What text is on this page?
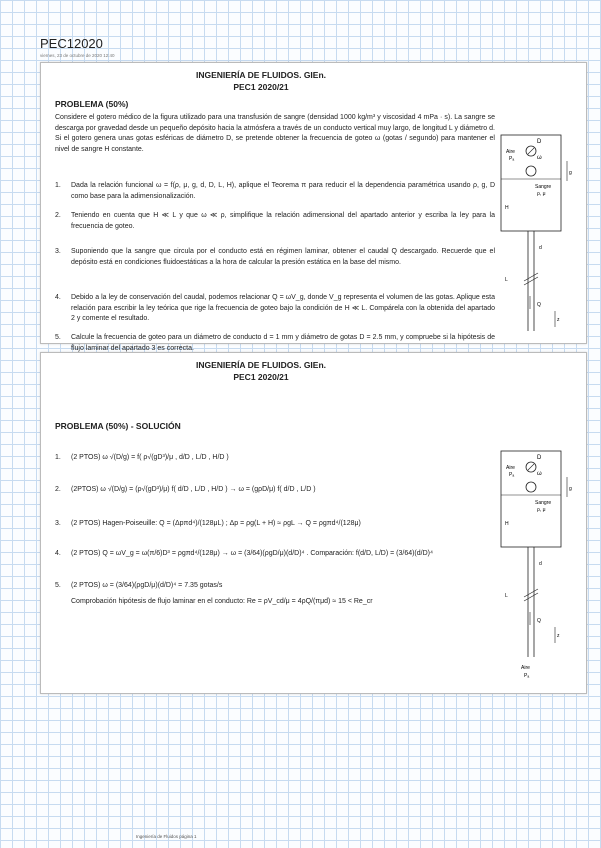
PEC12020
viernes, 23 de octubre de 2020 12:40
INGENIERÍA DE FLUIDOS. GIEn.
PEC1 2020/21
PROBLEMA (50%)
Considere el gotero médico de la figura utilizado para una transfusión de sangre (densidad 1000 kg/m³ y viscosidad 4 mPa · s). La sangre se descarga por gravedad desde un pequeño depósito hacia la atmósfera a través de un conducto vertical muy largo, de longitud L y diámetro d. Si el gotero genera unas gotas esféricas de diámetro D, se pretende obtener la frecuencia de goteo ω (gotas / segundo) para mantener el nivel de sangre H constante.
1.	Dada la relación funcional ω = f(ρ, μ, g, d, D, L, H), aplique el Teorema π para reducir el la dependencia paramétrica usando ρ, g, D como base para la adimensionalización.
2.	Teniendo en cuenta que H ≪ L y que ω ≪ ρ, simplifique la relación adimensional del apartado anterior y escriba la ley para la frecuencia de goteo.
3.	Suponiendo que la sangre que circula por el conducto está en régimen laminar, obtener el caudal Q descargado. Recuerde que el depósito está en condiciones fluidoestáticas a la hora de calcular la presión estática en la base del mismo.
4.	Debido a la ley de conservación del caudal, podemos relacionar Q = ωV_g, donde V_g representa el volumen de las gotas. Aplique esta relación para escribir la ley teórica que rige la frecuencia de goteo bajo la condición de H ≪ L. Compárela con la obtenida del apartado 2 y comente el resultado.
5.	Calcule la frecuencia de goteo para un diámetro de conducto d = 1 mm y diámetro de gotas D = 2.5 mm, y compruebe si la hipótesis de flujo laminar del apartado 3 es correcta.
D
ω
Aire
Pₐ
g
Sangre
ρ, μ
H
d
L
Q
z
INGENIERÍA DE FLUIDOS. GIEn.
PEC1 2020/21
PROBLEMA (50%) - SOLUCIÓN
1.	(2 PTOS) ω √(D/g) = f( ρ√(gD³)/μ , d/D , L/D , H/D )
2.	(2PTOS) ω √(D/g) = (ρ√(gD³)/μ) f( d/D , L/D , H/D ) → ω = (gρD/μ) f( d/D , L/D )
3.	(2 PTOS) Hagen-Poiseuille: Q = (Δpπd⁴)/(128μL) ; Δp = ρg(L + H) ≈ ρgL → Q = ρgπd⁴/(128μ)
4.	(2 PTOS) Q = ωV_g = ω(π/6)D³ = ρgπd⁴/(128μ) → ω = (3/64)(ρgD/μ)(d/D)⁴ . Comparación: f(d/D, L/D) = (3/64)(d/D)⁴
5.	(2 PTOS) ω = (3/64)(ρgD/μ)(d/D)⁴ = 7.35 gotas/s
Comprobación hipótesis de flujo laminar en el conducto: Re = ρV_cd/μ = 4ρQ/(πμd) ≈ 15 < Re_cr
D
ω
Aire
Pₐ
g
Sangre
ρ, μ
H
d
L
Q
z
Aire
Pₐ
Ingeniería de Fluidos página 1
